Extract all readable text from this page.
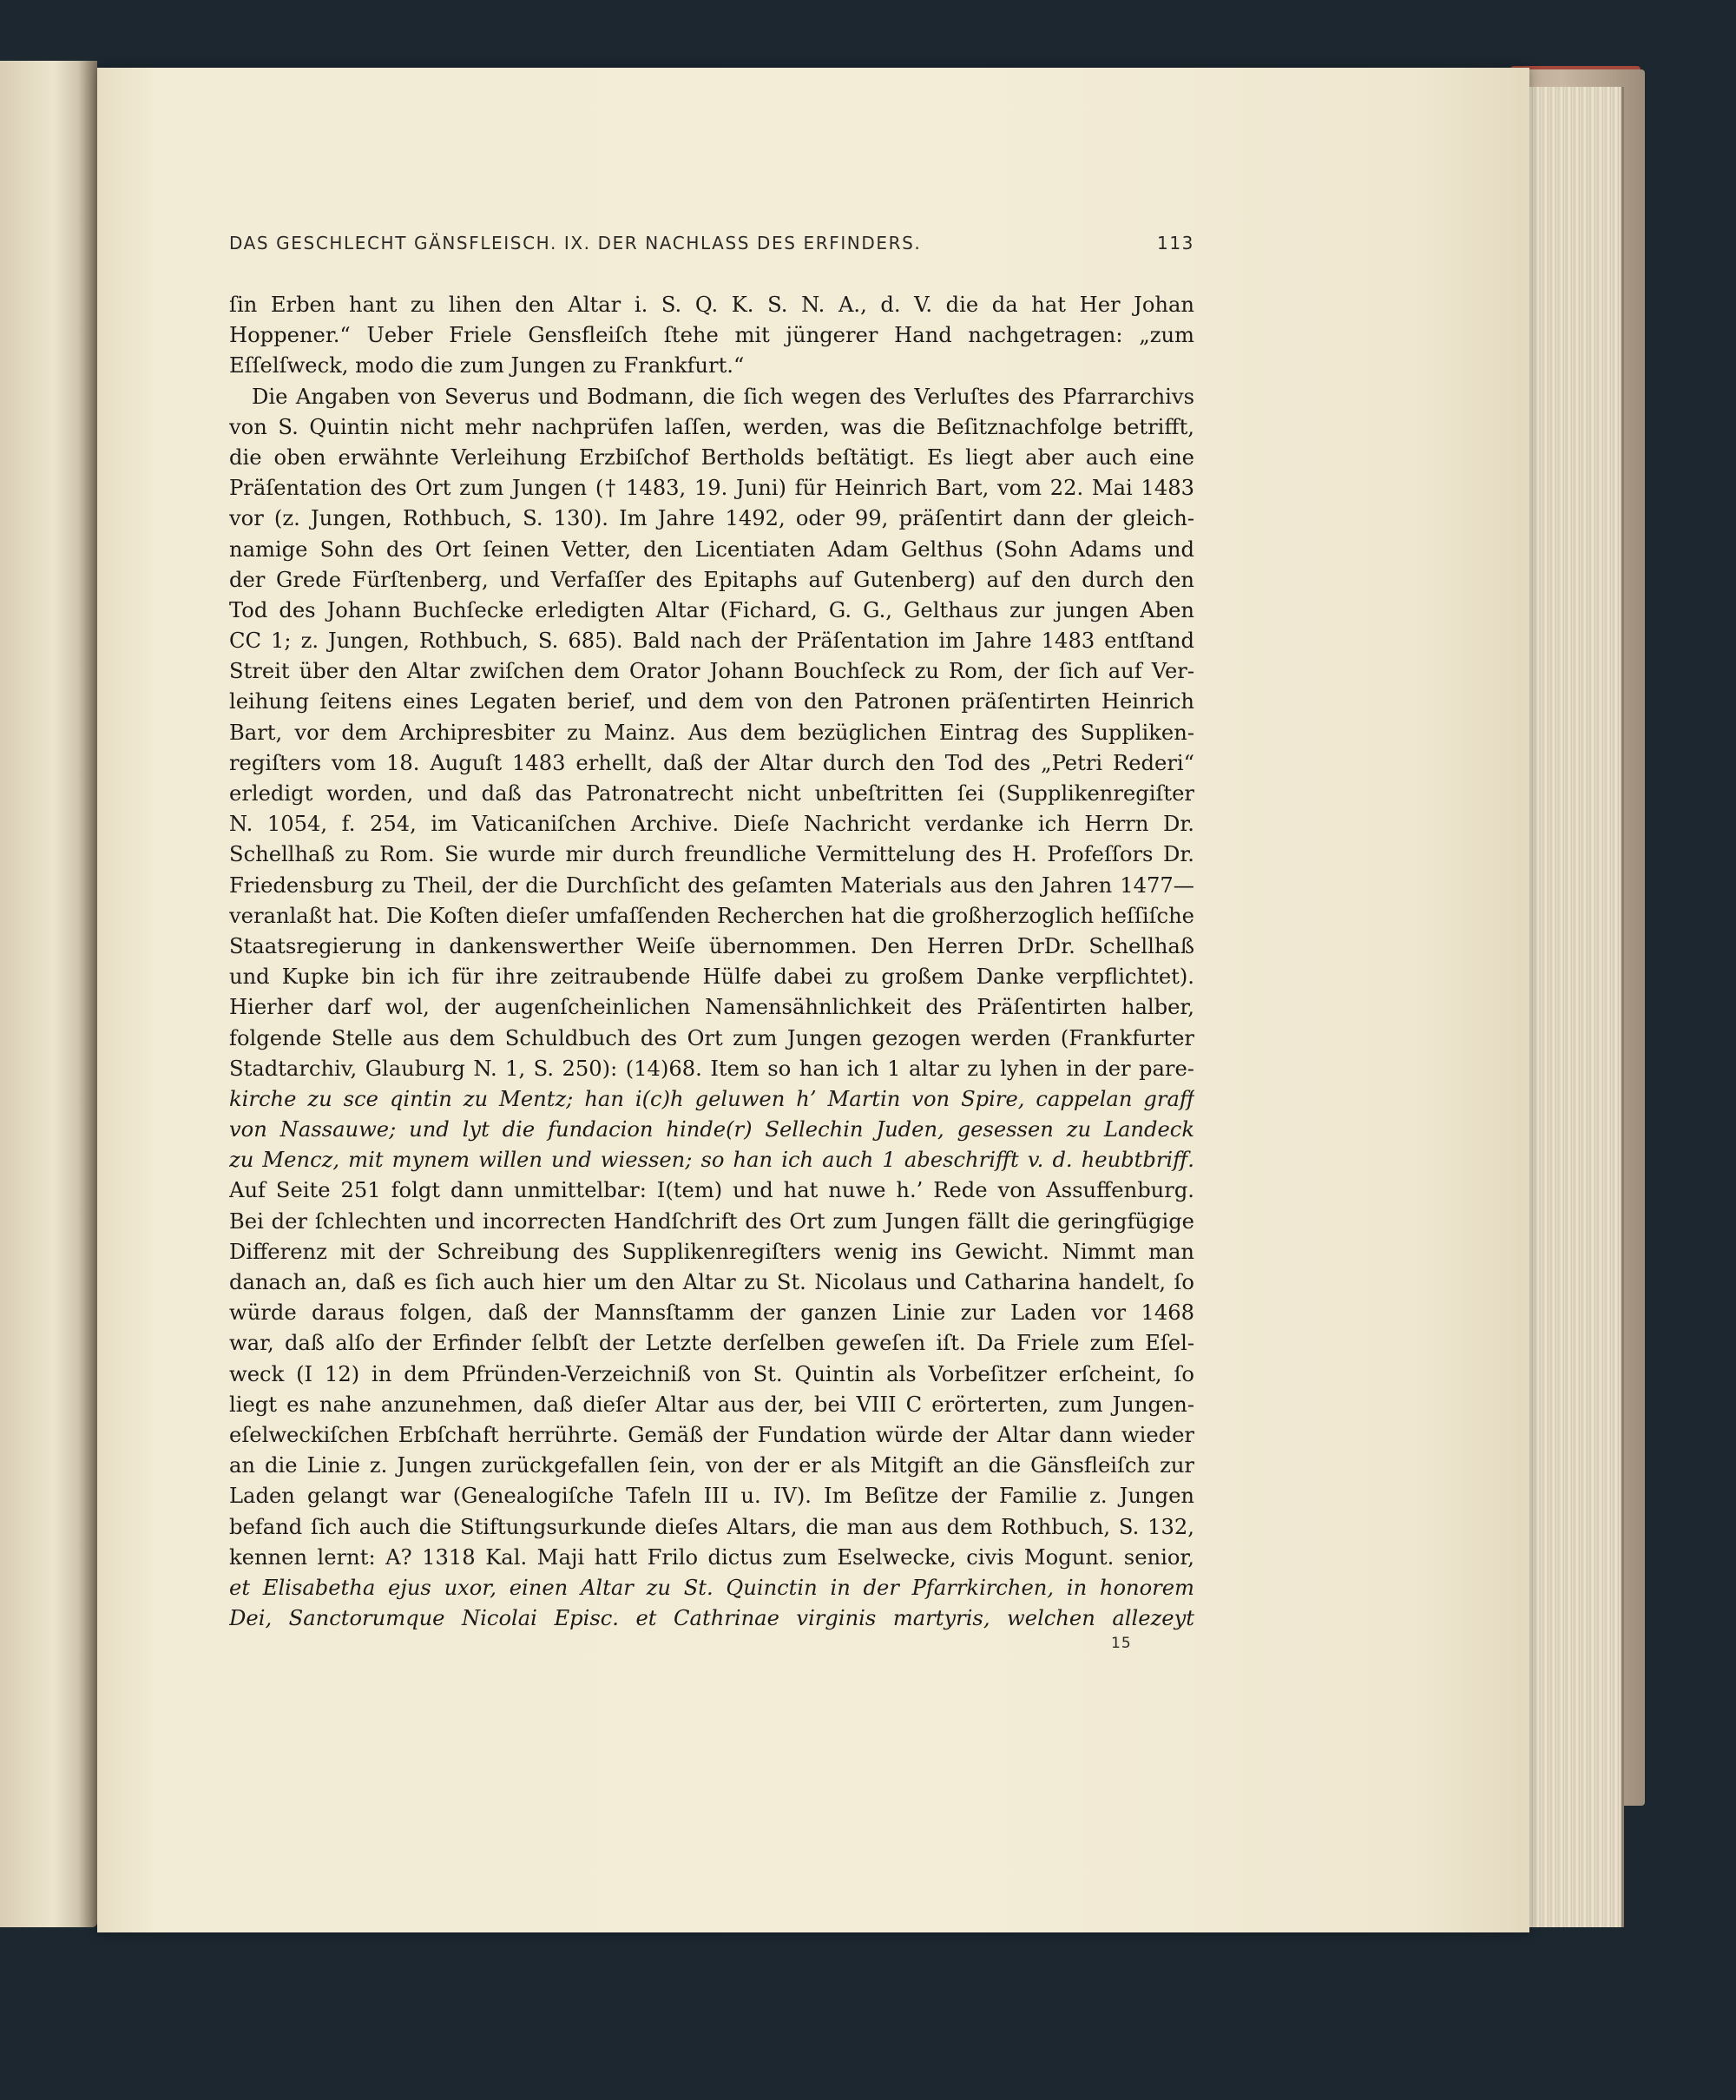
DAS GESCHLECHT GÄNSFLEISCH. IX. DER NACHLASS DES ERFINDERS.	113
ſin Erben hant zu lihen den Altar i. S. Q. K. S. N. A., d. V. die da hat Her Johan
Hoppener.“ Ueber Friele Gensfleiſch ſtehe mit jüngerer Hand nachgetragen: „zum
Eſſelſweck, modo die zum Jungen zu Frankfurt.“
Die Angaben von Severus und Bodmann, die ſich wegen des Verluſtes des Pfarrarchivs
von S. Quintin nicht mehr nachprüfen laſſen, werden, was die Beſitznachfolge betrifft,
die oben erwähnte Verleihung Erzbiſchof Bertholds beſtätigt. Es liegt aber auch eine
Präſentation des Ort zum Jungen († 1483, 19. Juni) für Heinrich Bart, vom 22. Mai 1483
vor (z. Jungen, Rothbuch, S. 130). Im Jahre 1492, oder 99, präſentirt dann der gleich-
namige Sohn des Ort ſeinen Vetter, den Licentiaten Adam Gelthus (Sohn Adams und
der Grede Fürſtenberg, und Verfaſſer des Epitaphs auf Gutenberg) auf den durch den
Tod des Johann Buchſecke erledigten Altar (Fichard, G. G., Gelthaus zur jungen Aben
CC 1; z. Jungen, Rothbuch, S. 685). Bald nach der Präſentation im Jahre 1483 entſtand
Streit über den Altar zwiſchen dem Orator Johann Bouchſeck zu Rom, der ſich auf Ver-
leihung ſeitens eines Legaten berief, und dem von den Patronen präſentirten Heinrich
Bart, vor dem Archipresbiter zu Mainz. Aus dem bezüglichen Eintrag des Suppliken-
regiſters vom 18. Auguſt 1483 erhellt, daß der Altar durch den Tod des „Petri Rederi“
erledigt worden, und daß das Patronatrecht nicht unbeſtritten ſei (Supplikenregiſter
N. 1054, f. 254, im Vaticaniſchen Archive. Dieſe Nachricht verdanke ich Herrn Dr.
Schellhaß zu Rom. Sie wurde mir durch freundliche Vermittelung des H. Profeſſors Dr.
Friedensburg zu Theil, der die Durchſicht des geſamten Materials aus den Jahren 1477—
veranlaßt hat. Die Koſten dieſer umfaſſenden Recherchen hat die großherzoglich heſſiſche
Staatsregierung in dankenswerther Weiſe übernommen. Den Herren DrDr. Schellhaß
und Kupke bin ich für ihre zeitraubende Hülfe dabei zu großem Danke verpflichtet).
Hierher darf wol, der augenſcheinlichen Namensähnlichkeit des Präſentirten halber,
folgende Stelle aus dem Schuldbuch des Ort zum Jungen gezogen werden (Frankfurter
Stadtarchiv, Glauburg N. 1, S. 250): (14)68. Item so han ich 1 altar zu lyhen in der pare-
kirche zu sce qintin zu Mentz; han i(c)h geluwen h’ Martin von Spire, cappelan graff
von Nassauwe; und lyt die fundacion hinde(r) Sellechin Juden, gesessen zu Landeck
zu Mencz, mit mynem willen und wiessen; so han ich auch 1 abeschrifft v. d. heubtbriff.
Auf Seite 251 folgt dann unmittelbar: I(tem) und hat nuwe h.’ Rede von Assuffenburg.
Bei der ſchlechten und incorrecten Handſchrift des Ort zum Jungen fällt die geringfügige
Differenz mit der Schreibung des Supplikenregiſters wenig ins Gewicht. Nimmt man
danach an, daß es ſich auch hier um den Altar zu St. Nicolaus und Catharina handelt, ſo
würde daraus folgen, daß der Mannsſtamm der ganzen Linie zur Laden vor 1468
war, daß alſo der Erfinder ſelbſt der Letzte derſelben geweſen iſt. Da Friele zum Eſel-
weck (I 12) in dem Pfründen-Verzeichniß von St. Quintin als Vorbeſitzer erſcheint, ſo
liegt es nahe anzunehmen, daß dieſer Altar aus der, bei VIII C erörterten, zum Jungen-
eſelweckiſchen Erbſchaft herrührte. Gemäß der Fundation würde der Altar dann wieder
an die Linie z. Jungen zurückgefallen ſein, von der er als Mitgift an die Gänsfleiſch zur
Laden gelangt war (Genealogiſche Tafeln III u. IV). Im Beſitze der Familie z. Jungen
befand ſich auch die Stiftungsurkunde dieſes Altars, die man aus dem Rothbuch, S. 132,
kennen lernt: A? 1318 Kal. Maji hatt Frilo dictus zum Eselwecke, civis Mogunt. senior,
et Elisabetha ejus uxor, einen Altar zu St. Quinctin in der Pfarrkirchen, in honorem
Dei, Sanctorumque Nicolai Episc. et Cathrinae virginis martyris, welchen allezeyt
15
